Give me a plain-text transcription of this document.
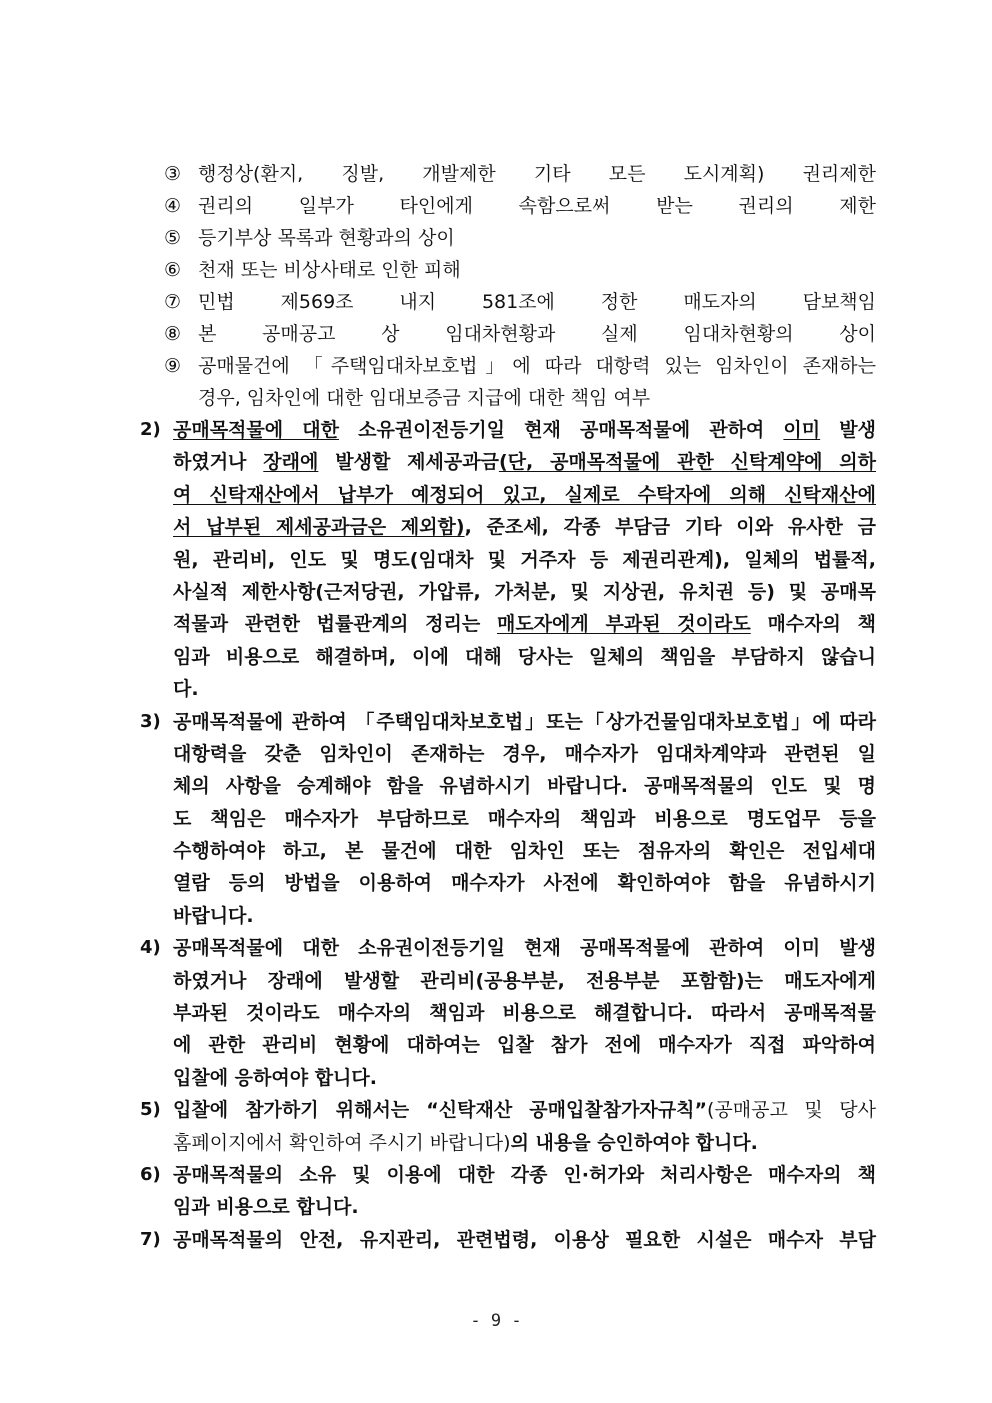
③ 행정상(환지, 징발, 개발제한 기타 모든 도시계획) 권리제한
④ 권리의 일부가 타인에게 속함으로써 받는 권리의 제한
⑤ 등기부상 목록과 현황과의 상이
⑥ 천재 또는 비상사태로 인한 피해
⑦ 민법 제569조 내지 581조에 정한 매도자의 담보책임
⑧ 본 공매공고 상 임대차현황과 실제 임대차현황의 상이
⑨ 공매물건에 「주택임대차보호법」에 따라 대항력 있는 임차인이 존재하는
경우, 임차인에 대한 임대보증금 지급에 대한 책임 여부
2) 공매목적물에 대한 소유권이전등기일 현재 공매목적물에 관하여 이미 발생
하였거나 장래에 발생할 제세공과금(단, 공매목적물에 관한 신탁계약에 의하
여 신탁재산에서 납부가 예정되어 있고, 실제로 수탁자에 의해 신탁재산에
서 납부된 제세공과금은 제외함), 준조세, 각종 부담금 기타 이와 유사한 금
원, 관리비, 인도 및 명도(임대차 및 거주자 등 제권리관계), 일체의 법률적,
사실적 제한사항(근저당권, 가압류, 가처분, 및 지상권, 유치권 등) 및 공매목
적물과 관련한 법률관계의 정리는 매도자에게 부과된 것이라도 매수자의 책
임과 비용으로 해결하며, 이에 대해 당사는 일체의 책임을 부담하지 않습니
다.
3) 공매목적물에 관하여 「주택임대차보호법」또는「상가건물임대차보호법」에 따라
대항력을 갖춘 임차인이 존재하는 경우, 매수자가 임대차계약과 관련된 일
체의 사항을 승계해야 함을 유념하시기 바랍니다. 공매목적물의 인도 및 명
도 책임은 매수자가 부담하므로 매수자의 책임과 비용으로 명도업무 등을
수행하여야 하고, 본 물건에 대한 임차인 또는 점유자의 확인은 전입세대
열람 등의 방법을 이용하여 매수자가 사전에 확인하여야 함을 유념하시기
바랍니다.
4) 공매목적물에 대한 소유권이전등기일 현재 공매목적물에 관하여 이미 발생
하였거나 장래에 발생할 관리비(공용부분, 전용부분 포함함)는 매도자에게
부과된 것이라도 매수자의 책임과 비용으로 해결합니다. 따라서 공매목적물
에 관한 관리비 현황에 대하여는 입찰 참가 전에 매수자가 직접 파악하여
입찰에 응하여야 합니다.
5) 입찰에 참가하기 위해서는 “신탁재산 공매입찰참가자규칙”(공매공고 및 당사
홈페이지에서 확인하여 주시기 바랍니다)의 내용을 승인하여야 합니다.
6) 공매목적물의 소유 및 이용에 대한 각종 인·허가와 처리사항은 매수자의 책
임과 비용으로 합니다.
7) 공매목적물의 안전, 유지관리, 관련법령, 이용상 필요한 시설은 매수자 부담
- 9 -
